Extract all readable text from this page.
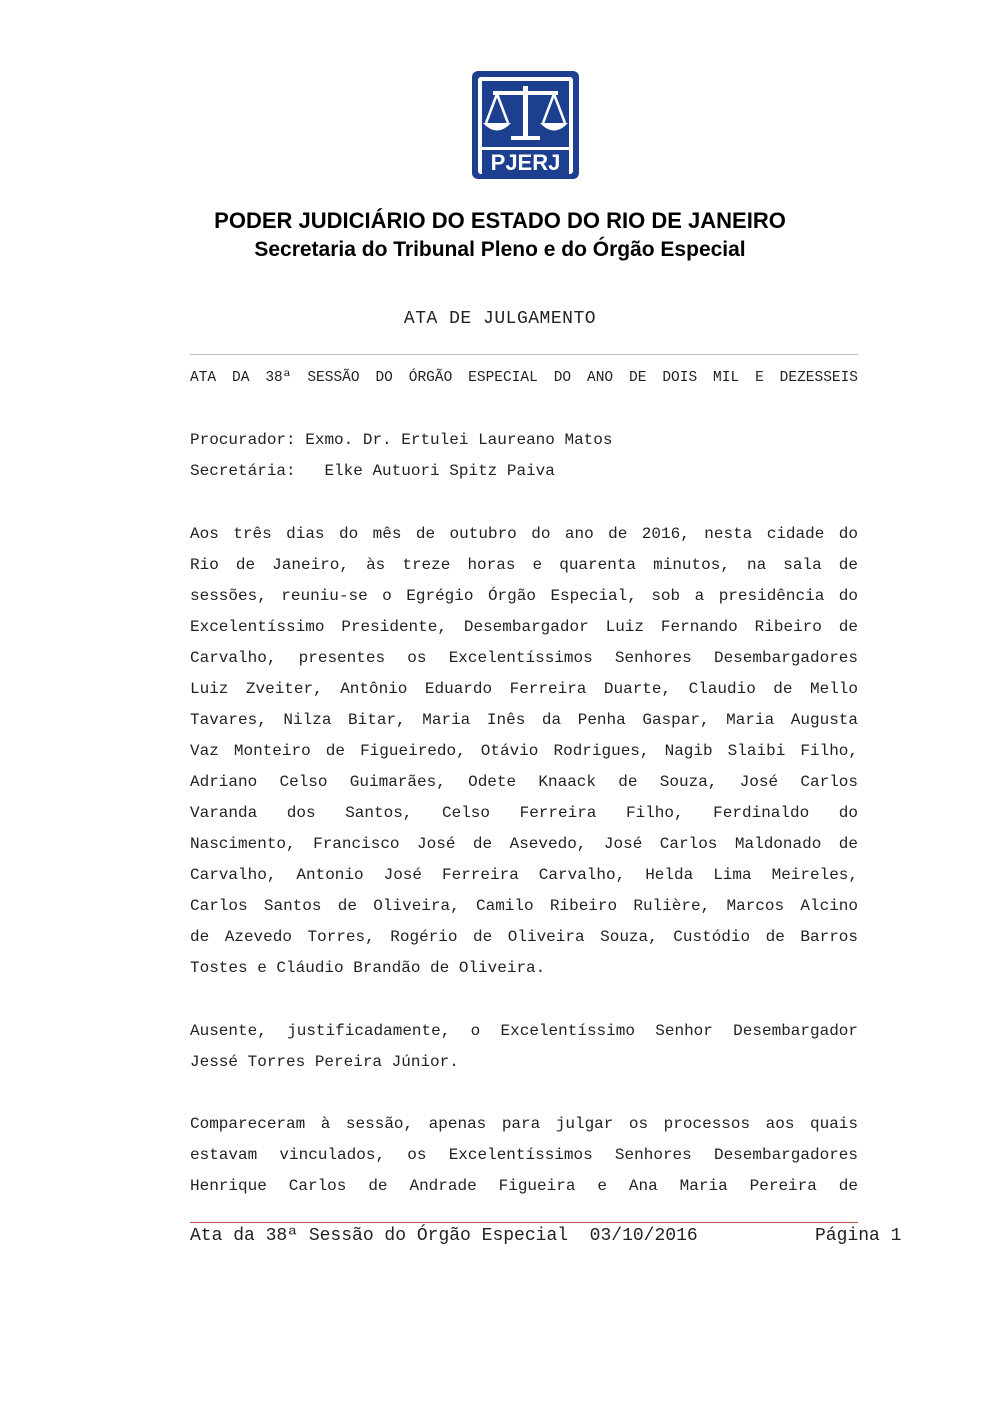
PJERJ
PODER JUDICIÁRIO DO ESTADO DO RIO DE JANEIRO
Secretaria do Tribunal Pleno e do Órgão Especial
ATA DE JULGAMENTO
ATA DA 38ª SESSÃO DO ÓRGÃO ESPECIAL DO ANO DE DOIS MIL E DEZESSEIS
Procurador: Exmo. Dr. Ertulei Laureano Matos
Secretária: Elke Autuori Spitz Paiva
Aos três dias do mês de outubro do ano de 2016, nesta cidade do
Rio de Janeiro, às treze horas e quarenta minutos, na sala de
sessões, reuniu-se o Egrégio Órgão Especial, sob a presidência do
Excelentíssimo Presidente, Desembargador Luiz Fernando Ribeiro de
Carvalho, presentes os Excelentíssimos Senhores Desembargadores
Luiz Zveiter, Antônio Eduardo Ferreira Duarte, Claudio de Mello
Tavares, Nilza Bitar, Maria Inês da Penha Gaspar, Maria Augusta
Vaz Monteiro de Figueiredo, Otávio Rodrigues, Nagib Slaibi Filho,
Adriano Celso Guimarães, Odete Knaack de Souza, José Carlos
Varanda dos Santos, Celso Ferreira Filho, Ferdinaldo do
Nascimento, Francisco José de Asevedo, José Carlos Maldonado de
Carvalho, Antonio José Ferreira Carvalho, Helda Lima Meireles,
Carlos Santos de Oliveira, Camilo Ribeiro Rulière, Marcos Alcino
de Azevedo Torres, Rogério de Oliveira Souza, Custódio de Barros
Tostes e Cláudio Brandão de Oliveira.
Ausente, justificadamente, o Excelentíssimo Senhor Desembargador
Jessé Torres Pereira Júnior.
Compareceram à sessão, apenas para julgar os processos aos quais
estavam vinculados, os Excelentíssimos Senhores Desembargadores
Henrique Carlos de Andrade Figueira e Ana Maria Pereira de
Ata da 38ª Sessão do Órgão Especial 03/10/2016	Página 1
